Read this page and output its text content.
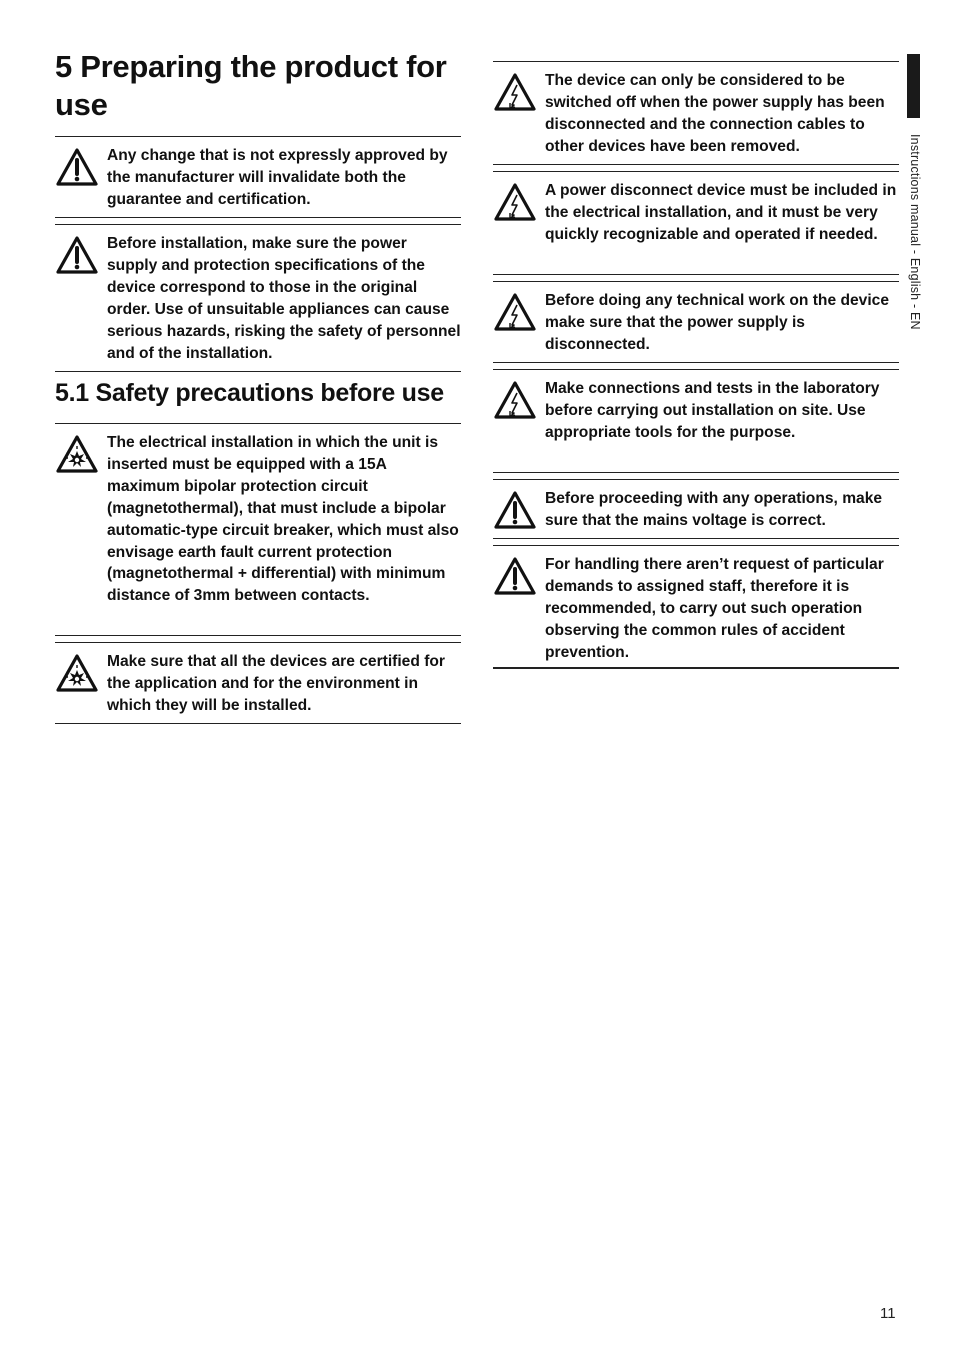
5 Preparing the product for use
Any change that is not expressly approved by the manufacturer will invalidate both the guarantee and certification.
Before installation, make sure the power supply and protection specifications of the device correspond to those in the original order. Use of unsuitable appliances can cause serious hazards, risking the safety of personnel and of the installation.
5.1 Safety precautions before use
The electrical installation in which the unit is inserted must be equipped with a 15A maximum bipolar protection circuit (magnetothermal), that must include a bipolar automatic-type circuit breaker, which must also envisage earth fault current protection (magnetothermal + differential) with minimum distance of 3mm between contacts.
Make sure that all the devices are certified for the application and for the environment in which they will be installed.
The device can only be considered to be switched off when the power supply has been disconnected and the connection cables to other devices have been removed.
A power disconnect device must be included in the electrical installation, and it must be very quickly recognizable and operated if needed.
Before doing any technical work on the device make sure that the power supply is disconnected.
Make connections and tests in the laboratory before carrying out installation on site. Use appropriate tools for the purpose.
Before proceeding with any operations, make sure that the mains voltage is correct.
For handling there aren’t request of particular demands to assigned staff, therefore it is recommended, to carry out such operation observing the common rules of accident prevention.
Instructions manual - English - EN
11
